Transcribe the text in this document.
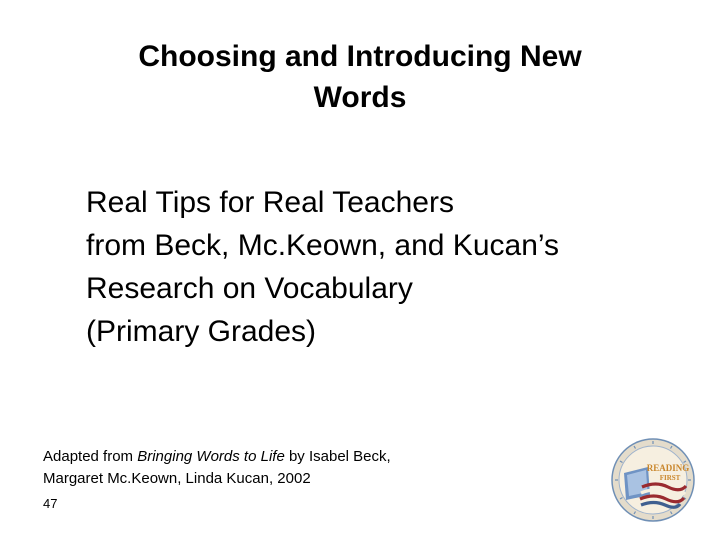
Choosing and Introducing New
Words
Real Tips for Real Teachers
from Beck, Mc.Keown, and Kucan’s
Research on Vocabulary
(Primary Grades)
Adapted from Bringing Words to Life by Isabel Beck,
Margaret Mc.Keown, Linda Kucan, 2002
47
READING
FIRST
